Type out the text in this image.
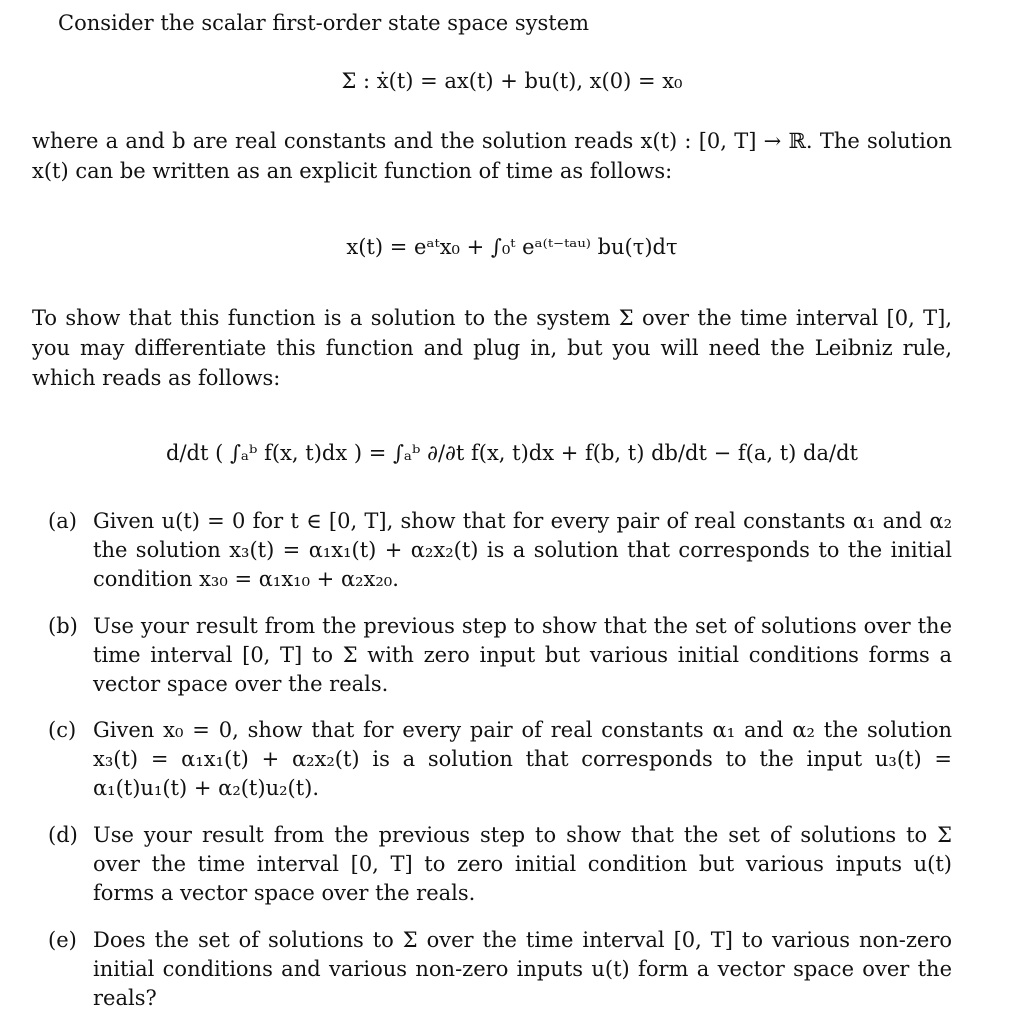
Consider the scalar first-order state space system
Σ : ẋ(t) = ax(t) + bu(t), x(0) = x₀
where a and b are real constants and the solution reads x(t) : [0, T] → ℝ. The solution x(t) can be written as an explicit function of time as follows:
x(t) = eᵃᵗx₀ + ∫₀ᵗ eᵃ⁽ᵗ⁻ᵗᵃᵘ⁾ bu(τ)dτ
To show that this function is a solution to the system Σ over the time interval [0, T], you may differentiate this function and plug in, but you will need the Leibniz rule, which reads as follows:
d/dt ( ∫ₐᵇ f(x, t)dx ) = ∫ₐᵇ ∂/∂t f(x, t)dx + f(b, t) db/dt − f(a, t) da/dt
(a) Given u(t) = 0 for t ∈ [0, T], show that for every pair of real constants α₁ and α₂ the solution x₃(t) = α₁x₁(t) + α₂x₂(t) is a solution that corresponds to the initial condition x₃₀ = α₁x₁₀ + α₂x₂₀.
(b) Use your result from the previous step to show that the set of solutions over the time interval [0, T] to Σ with zero input but various initial conditions forms a vector space over the reals.
(c) Given x₀ = 0, show that for every pair of real constants α₁ and α₂ the solution x₃(t) = α₁x₁(t) + α₂x₂(t) is a solution that corresponds to the input u₃(t) = α₁(t)u₁(t) + α₂(t)u₂(t).
(d) Use your result from the previous step to show that the set of solutions to Σ over the time interval [0, T] to zero initial condition but various inputs u(t) forms a vector space over the reals.
(e) Does the set of solutions to Σ over the time interval [0, T] to various non-zero initial conditions and various non-zero inputs u(t) form a vector space over the reals?
